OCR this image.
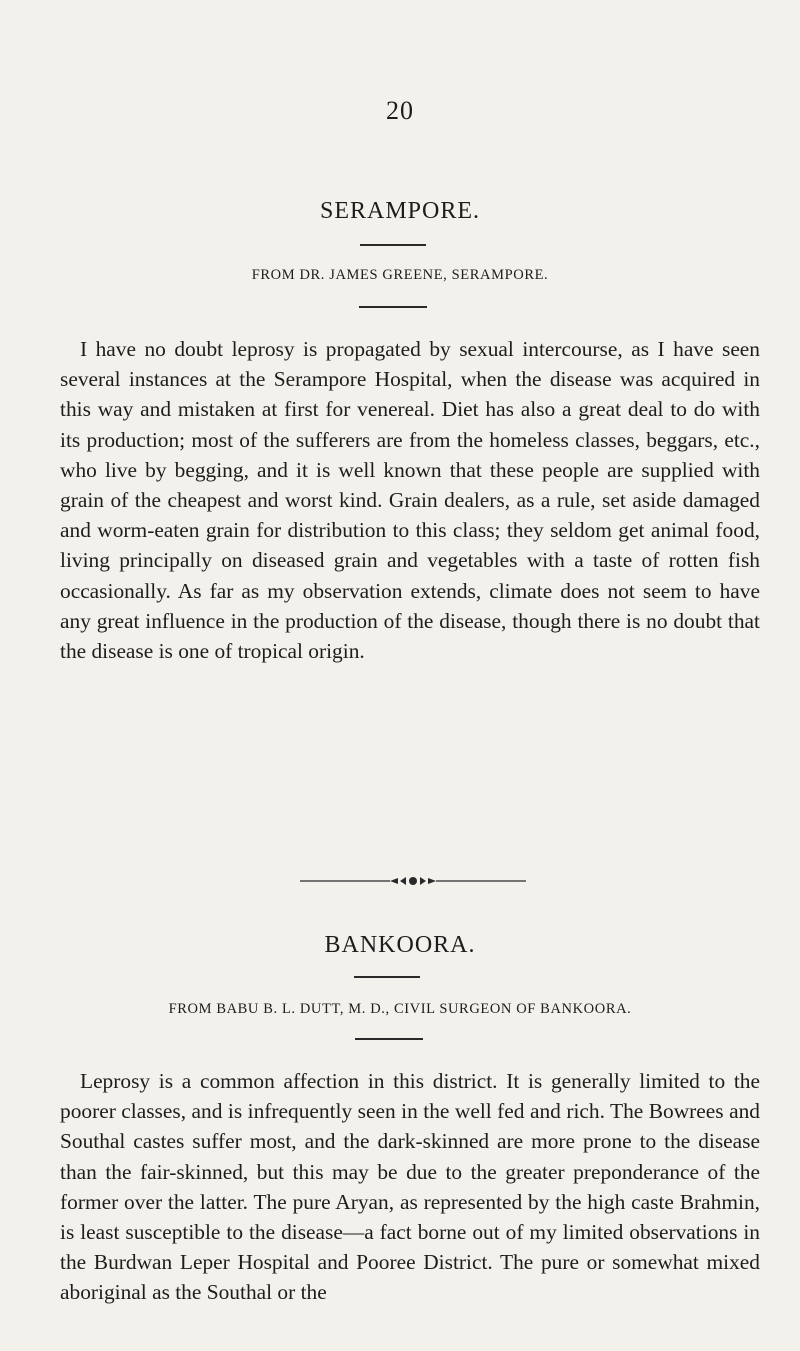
20
SERAMPORE.
FROM DR. JAMES GREENE, SERAMPORE.

I have no doubt leprosy is propagated by sexual intercourse, as I have seen several instances at the Serampore Hospital, when the disease was acquired in this way and mistaken at first for venereal. Diet has also a great deal to do with its production; most of the sufferers are from the homeless classes, beggars, etc., who live by begging, and it is well known that these people are supplied with grain of the cheapest and worst kind. Grain dealers, as a rule, set aside damaged and worm-eaten grain for distribution to this class; they seldom get animal food, living principally on diseased grain and vegetables with a taste of rotten fish occasionally. As far as my observation extends, climate does not seem to have any great influence in the production of the disease, though there is no doubt that the disease is one of tropical origin.

BANKOORA.
FROM BABU B. L. DUTT, M. D., CIVIL SURGEON OF BANKOORA.

Leprosy is a common affection in this district. It is generally limited to the poorer classes, and is infrequently seen in the well fed and rich. The Bowrees and Southal castes suffer most, and the dark-skinned are more prone to the disease than the fair-skinned, but this may be due to the greater preponderance of the former over the latter. The pure Aryan, as represented by the high caste Brahmin, is least susceptible to the disease—a fact borne out of my limited observations in the Burdwan Leper Hospital and Pooree District. The pure or somewhat mixed aboriginal as the Southal or the
